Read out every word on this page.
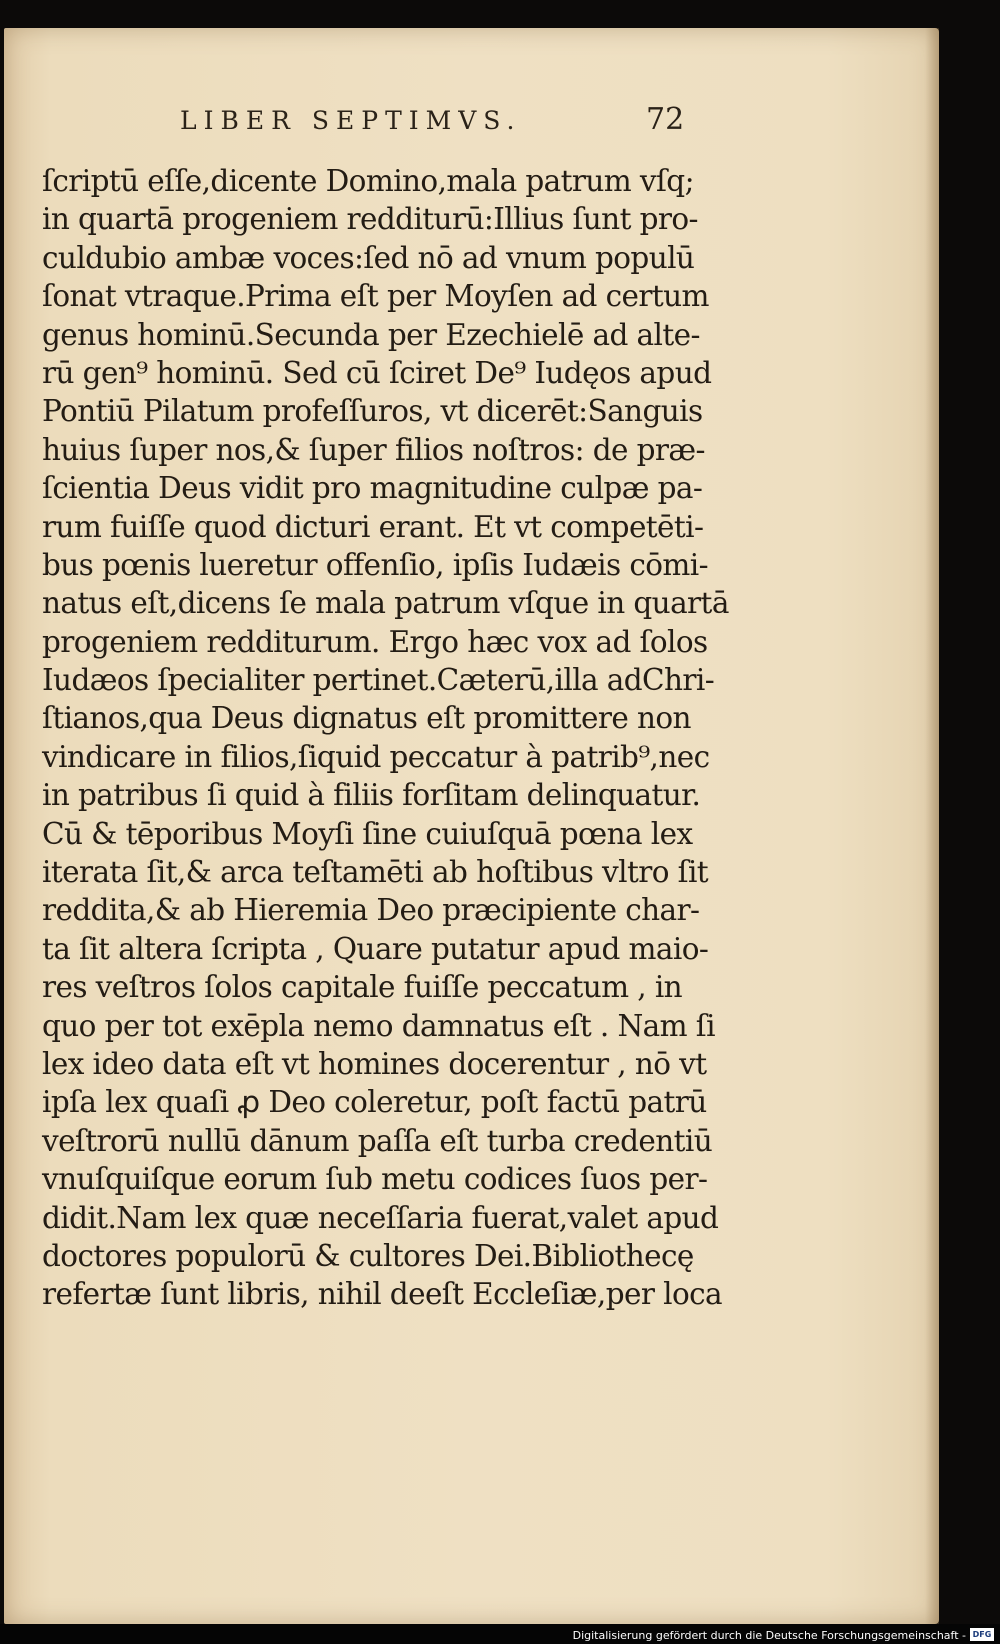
LIBER SEPTIMVS.	72
ſcriptū eſſe,dicente Domino,mala patrum vſq;
in quartā progeniem redditurū:Illius ſunt pro-
culdubio ambæ voces:ſed nō ad vnum populū
ſonat vtraque.Prima eſt per Moyſen ad certum
genus hominū.Secunda per Ezechielē ad alte-
rū gen⁹ hominū. Sed cū ſciret De⁹ Iudęos apud
Pontiū Pilatum profeſſuros, vt dicerēt:Sanguis
huius ſuper nos,& ſuper filios noſtros: de præ-
ſcientia Deus vidit pro magnitudine culpæ pa-
rum fuiſſe quod dicturi erant. Et vt competēti-
bus pœnis lueretur offenſio, ipſis Iudæis cōmi-
natus eſt,dicens ſe mala patrum vſque in quartā
progeniem redditurum. Ergo hæc vox ad ſolos
Iudæos ſpecialiter pertinet.Cæterū,illa adChri-
ſtianos,qua Deus dignatus eſt promittere non
vindicare in filios,ſiquid peccatur à patrib⁹,nec
in patribus ſi quid à filiis forſitam delinquatur.
Cū & tēporibus Moyſi ſine cuiuſquā pœna lex
iterata ſit,& arca teſtamēti ab hoſtibus vltro ſit
reddita,& ab Hieremia Deo præcipiente char-
ta ſit altera ſcripta , Quare putatur apud maio-
res veſtros ſolos capitale fuiſſe peccatum , in
quo per tot exēpla nemo damnatus eſt . Nam ſi
lex ideo data eſt vt homines docerentur , nō vt
ipſa lex quaſi ꝓ Deo coleretur, poſt factū patrū
veſtrorū nullū dānum paſſa eſt turba credentiū
vnuſquiſque eorum ſub metu codices ſuos per-
didit.Nam lex quæ neceſſaria fuerat,valet apud
doctores populorū & cultores Dei.Bibliothecę
refertæ ſunt libris, nihil deeſt Eccleſiæ,per loca
Digitalisierung gefördert durch die Deutsche Forschungsgemeinschaft - DFG
